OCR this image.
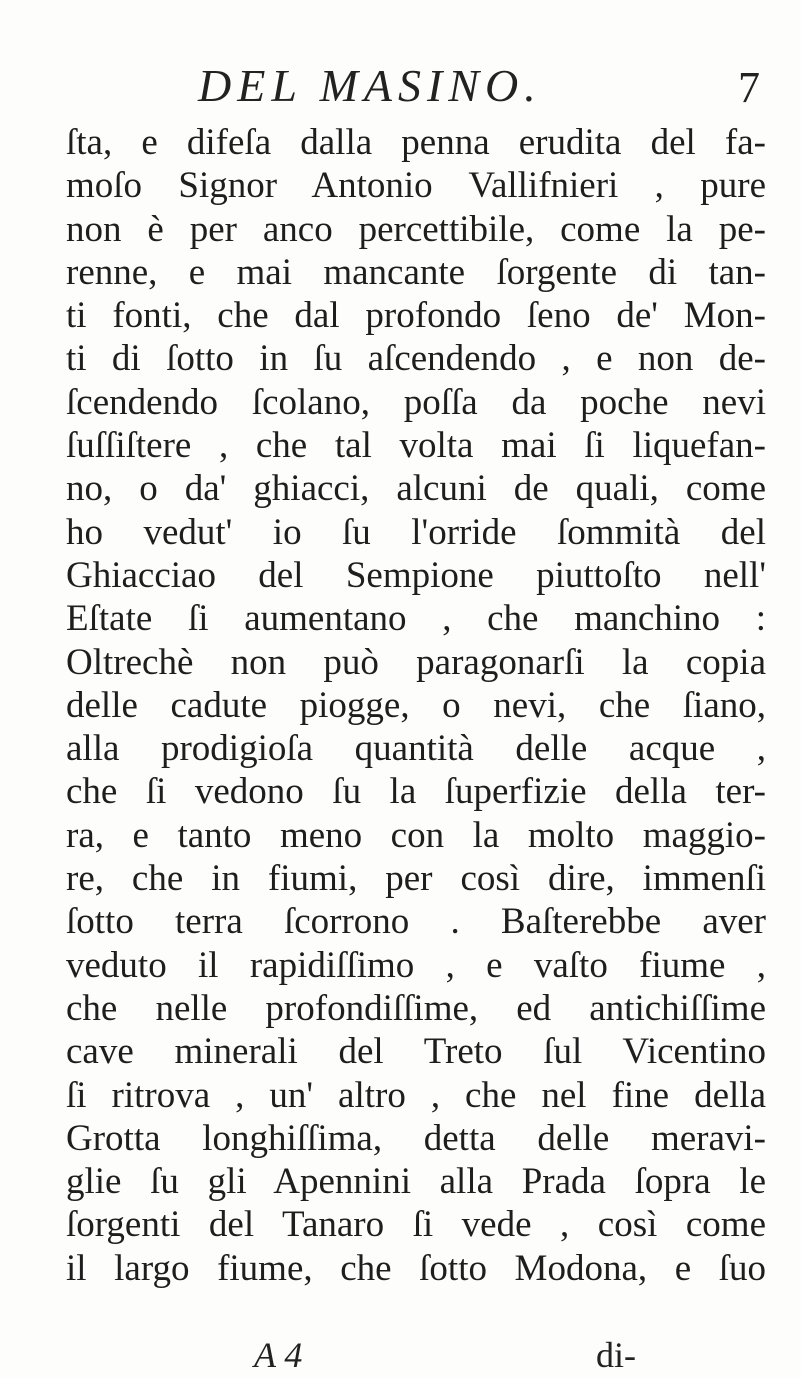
DEL MASINO.	7
ſta, e difeſa dalla penna erudita del fa-
moſo Signor Antonio Vallifnieri , pure
non è per anco percettibile, come la pe-
renne, e mai mancante ſorgente di tan-
ti fonti, che dal profondo ſeno de' Mon-
ti di ſotto in ſu aſcendendo , e non de-
ſcendendo ſcolano, poſſa da poche nevi
ſuſſiſtere , che tal volta mai ſi liquefan-
no, o da' ghiacci, alcuni de quali, come
ho vedut' io ſu l'orride ſommità del
Ghiacciao del Sempione piuttoſto nell'
Eſtate ſi aumentano , che manchino :
Oltrechè non può paragonarſi la copia
delle cadute piogge, o nevi, che ſiano,
alla prodigioſa quantità delle acque ,
che ſi vedono ſu la ſuperfizie della ter-
ra, e tanto meno con la molto maggio-
re, che in fiumi, per così dire, immenſi
ſotto terra ſcorrono . Baſterebbe aver
veduto il rapidiſſimo , e vaſto fiume ,
che nelle profondiſſime, ed antichiſſime
cave minerali del Treto ſul Vicentino
ſi ritrova , un' altro , che nel fine della
Grotta longhiſſima, detta delle meravi-
glie ſu gli Apennini alla Prada ſopra le
ſorgenti del Tanaro ſi vede , così come
il largo fiume, che ſotto Modona, e ſuo
A 4	di-
